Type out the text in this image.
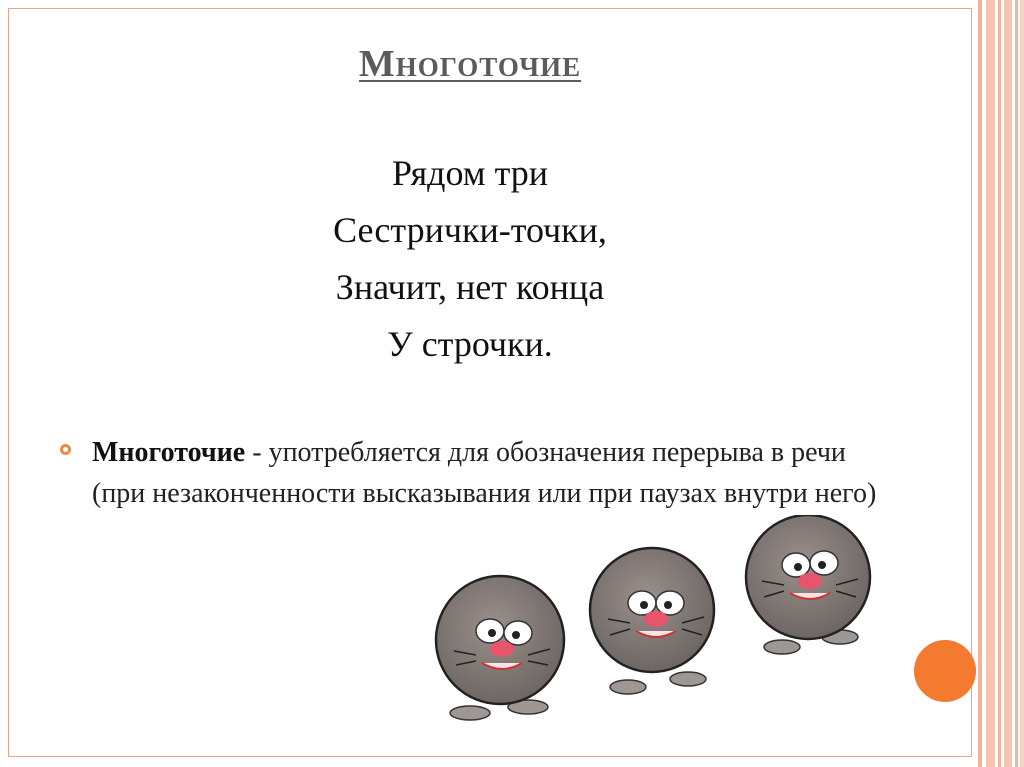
Многоточие
Рядом три
Сестрички-точки,
Значит, нет конца
У строчки.
Многоточие - употребляется для обозначения перерыва в речи (при незаконченности высказывания или при паузах внутри него)
